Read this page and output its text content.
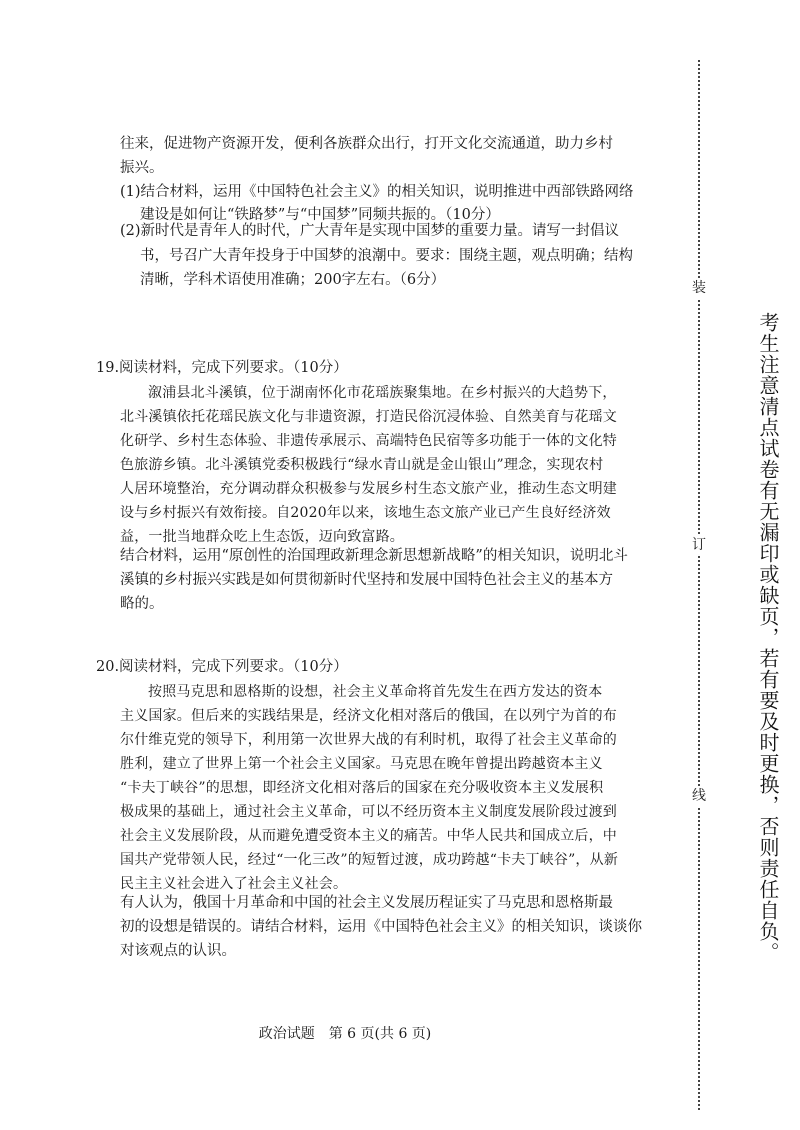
往来，促进物产资源开发，便利各族群众出行，打开文化交流通道，助力乡村
振兴。
(1)结合材料，运用《中国特色社会主义》的相关知识，说明推进中西部铁路网络
建设是如何让“铁路梦”与“中国梦”同频共振的。（10分）
(2)新时代是青年人的时代，广大青年是实现中国梦的重要力量。请写一封倡议
书，号召广大青年投身于中国梦的浪潮中。要求：围绕主题，观点明确；结构
清晰，学科术语使用准确；200字左右。（6分）
19.阅读材料，完成下列要求。（10分）
溆浦县北斗溪镇，位于湖南怀化市花瑶族聚集地。在乡村振兴的大趋势下，
北斗溪镇依托花瑶民族文化与非遗资源，打造民俗沉浸体验、自然美育与花瑶文
化研学、乡村生态体验、非遗传承展示、高端特色民宿等多功能于一体的文化特
色旅游乡镇。北斗溪镇党委积极践行“绿水青山就是金山银山”理念，实现农村
人居环境整治，充分调动群众积极参与发展乡村生态文旅产业，推动生态文明建
设与乡村振兴有效衔接。自2020年以来，该地生态文旅产业已产生良好经济效
益，一批当地群众吃上生态饭，迈向致富路。
结合材料，运用“原创性的治国理政新理念新思想新战略”的相关知识，说明北斗
溪镇的乡村振兴实践是如何贯彻新时代坚持和发展中国特色社会主义的基本方
略的。
20.阅读材料，完成下列要求。（10分）
按照马克思和恩格斯的设想，社会主义革命将首先发生在西方发达的资本
主义国家。但后来的实践结果是，经济文化相对落后的俄国，在以列宁为首的布
尔什维克党的领导下，利用第一次世界大战的有利时机，取得了社会主义革命的
胜利，建立了世界上第一个社会主义国家。马克思在晚年曾提出跨越资本主义
“卡夫丁峡谷”的思想，即经济文化相对落后的国家在充分吸收资本主义发展积
极成果的基础上，通过社会主义革命，可以不经历资本主义制度发展阶段过渡到
社会主义发展阶段，从而避免遭受资本主义的痛苦。中华人民共和国成立后，中
国共产党带领人民，经过“一化三改”的短暂过渡，成功跨越“卡夫丁峡谷”，从新
民主主义社会进入了社会主义社会。
有人认为，俄国十月革命和中国的社会主义发展历程证实了马克思和恩格斯最
初的设想是错误的。请结合材料，运用《中国特色社会主义》的相关知识，谈谈你
对该观点的认识。
政治试题　第 6 页(共 6 页)
装
订
线	考生注意清点试卷有无漏印或缺页，若有要及时更换，否则责任自负。
